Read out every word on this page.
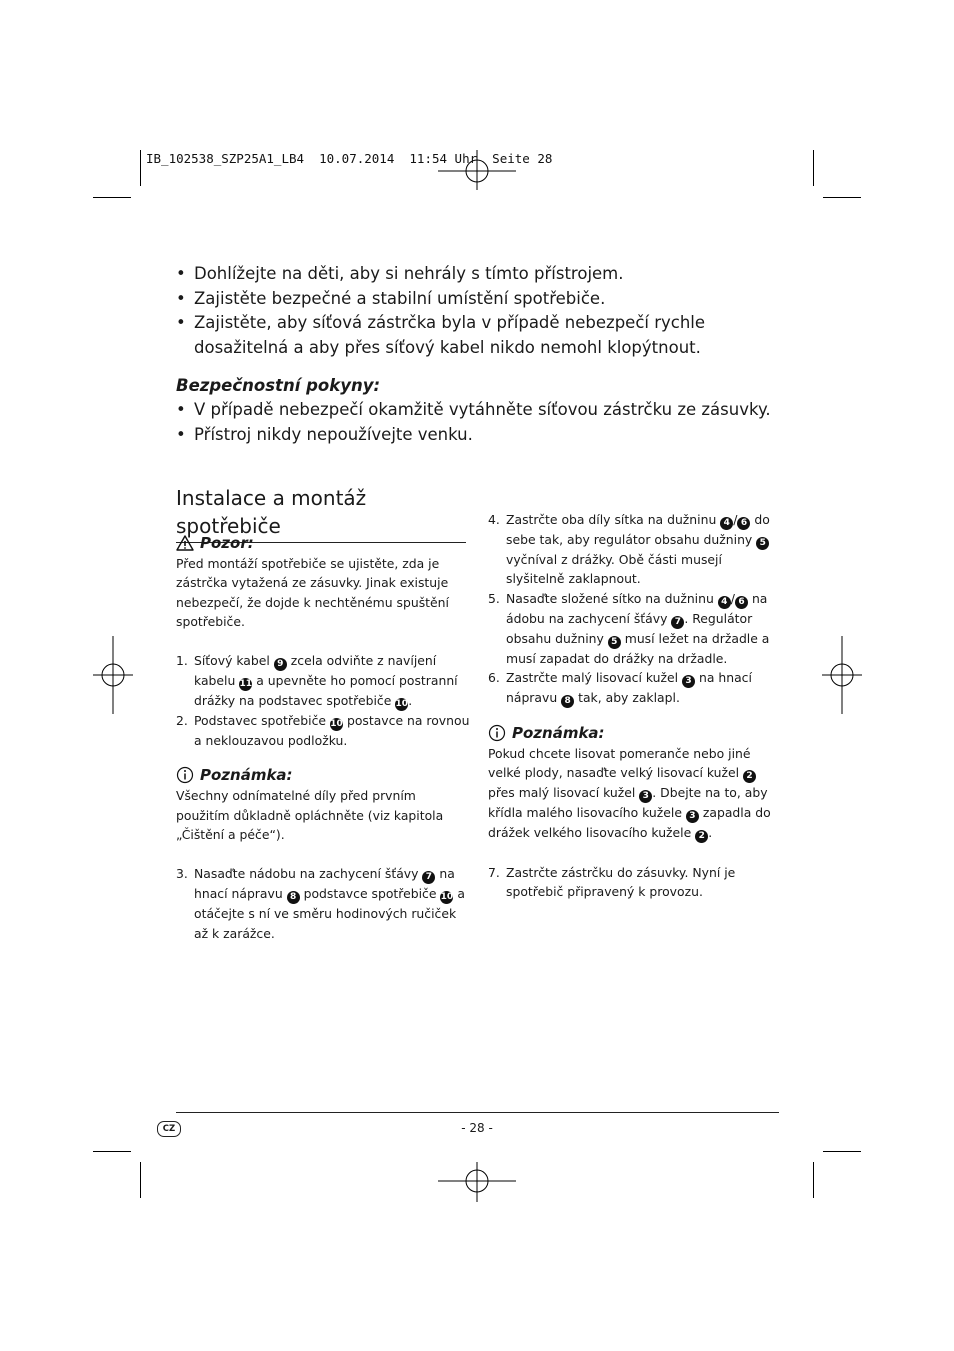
IB_102538_SZP25A1_LB4  10.07.2014  11:54 Uhr  Seite 28
• Dohlížejte na děti, aby si nehrály s tímto přístrojem.
• Zajistěte bezpečné a stabilní umístění spotřebiče.
• Zajistěte, aby síťová zástrčka byla v případě nebezpečí rychle dosažitelná a aby přes síťový kabel nikdo nemohl klopýtnout.
Bezpečnostní pokyny:
• V případě nebezpečí okamžitě vytáhněte síťovou zástrčku ze zásuvky.
• Přístroj nikdy nepoužívejte venku.
Instalace a montáž spotřebiče
Pozor:

Před montáží spotřebiče se ujistěte, zda je zástrčka vytažená ze zásuvky. Jinak existuje nebezpečí, že dojde k nechtěnému spuštění spotřebiče.

1. Síťový kabel 9 zcela odviňte z navíjení kabelu 11 a upevněte ho pomocí postranní drážky na podstavec spotřebiče 10.
2. Podstavec spotřebiče 10 postavce na rovnou a neklouzavou podložku.
Poznámka:

Všechny odnímatelné díly před prvním použitím důkladně opláchněte (viz kapitola „Čištění a péče“).

3. Nasaďte nádobu na zachycení šťávy 7 na hnací nápravu 8 podstavce spotřebiče 10 a otáčejte s ní ve směru hodinových ručiček až k zarážce.
4. Zastrčte oba díly sítka na dužninu 4 / 6 do sebe tak, aby regulátor obsahu dužniny 5 vyčníval z drážky. Obě části musejí slyšitelně zaklapnout.
5. Nasaďte složené sítko na dužninu 4 / 6 na ádobu na zachycení šťávy 7 . Regulátor obsahu dužniny 5 musí ležet na držadle a musí zapadat do drážky na držadle.
6. Zastrčte malý lisovací kužel 3 na hnací nápravu 8 tak, aby zaklapl.
Poznámka:

Pokud chcete lisovat pomeranče nebo jiné velké plody, nasaďte velký lisovací kužel 2 přes malý lisovací kužel 3 . Dbejte na to, aby křídla malého lisovacího kužele 3 zapadla do drážek velkého lisovacího kužele 2 .

7. Zastrčte zástrčku do zásuvky. Nyní je spotřebič připravený k provozu.
CZ	- 28 -
